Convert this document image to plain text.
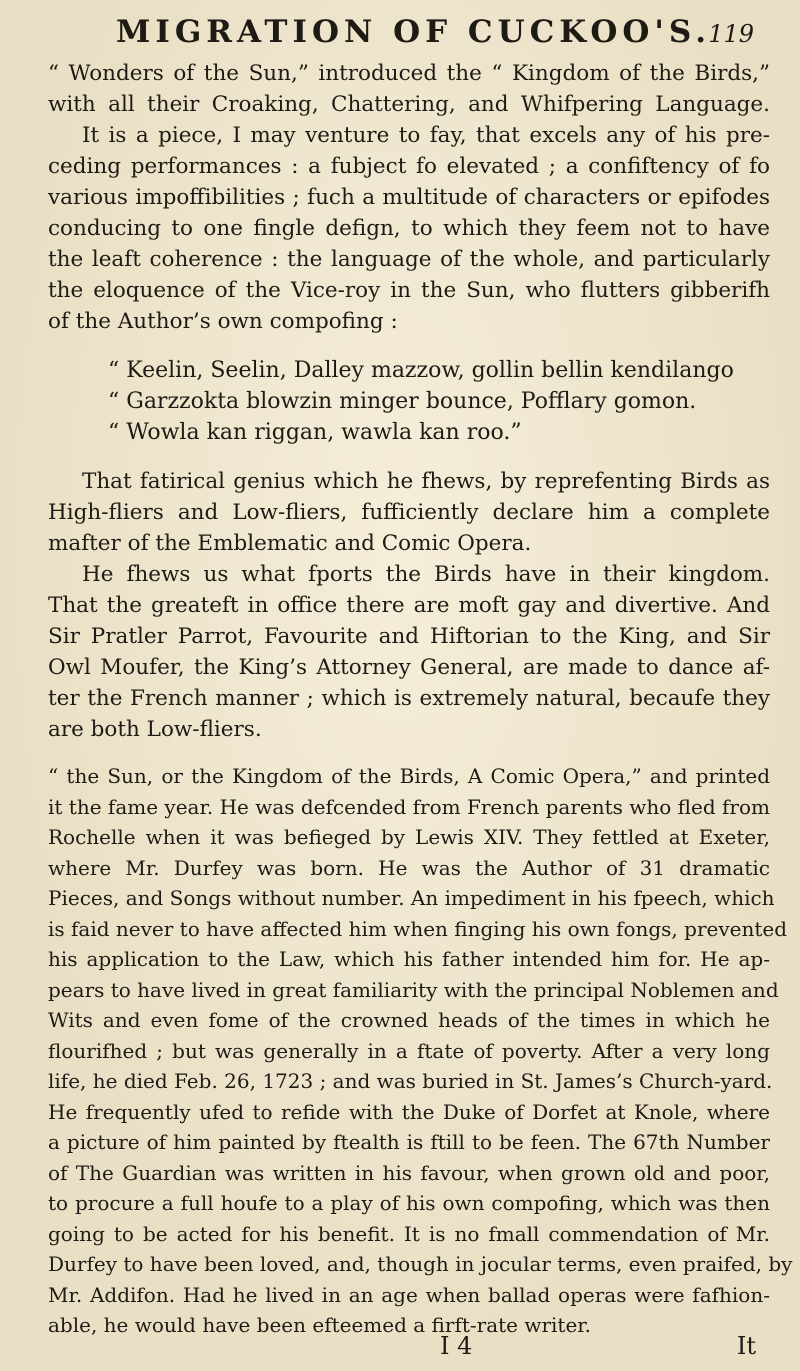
MIGRATION OF CUCKOO'S.
119

“ Wonders of the Sun,” introduced the “ Kingdom of the Birds,”
with all their Croaking, Chattering, and Whifpering Language.
It is a piece, I may venture to fay, that excels any of his pre-
ceding performances : a fubject fo elevated ; a confiftency of fo
various impoffibilities ; fuch a multitude of characters or epifodes
conducing to one fingle defign, to which they feem not to have
the leaft coherence : the language of the whole, and particularly
the eloquence of the Vice-roy in the Sun, who flutters gibberifh
of the Author’s own compofing :

“ Keelin, Seelin, Dalley mazzow, gollin bellin kendilango
“ Garzzokta blowzin minger bounce, Pofflary gomon.
“ Wowla kan riggan, wawla kan roo.”

That fatirical genius which he fhews, by reprefenting Birds as
High-fliers and Low-fliers, fufficiently declare him a complete
mafter of the Emblematic and Comic Opera.

He fhews us what fports the Birds have in their kingdom.
That the greateft in office there are moft gay and divertive. And
Sir Pratler Parrot, Favourite and Hiftorian to the King, and Sir
Owl Moufer, the King’s Attorney General, are made to dance af-
ter the French manner ; which is extremely natural, becaufe they
are both Low-fliers.

“ the Sun, or the Kingdom of the Birds, A Comic Opera,” and printed
it the fame year. He was defcended from French parents who fled from
Rochelle when it was befieged by Lewis XIV. They fettled at Exeter,
where Mr. Durfey was born. He was the Author of 31 dramatic
Pieces, and Songs without number. An impediment in his fpeech, which
is faid never to have affected him when finging his own fongs, prevented
his application to the Law, which his father intended him for. He ap-
pears to have lived in great familiarity with the principal Noblemen and
Wits and even fome of the crowned heads of the times in which he
flourifhed ; but was generally in a ftate of poverty. After a very long
life, he died Feb. 26, 1723 ; and was buried in St. James’s Church-yard.
He frequently ufed to refide with the Duke of Dorfet at Knole, where
a picture of him painted by ftealth is ftill to be feen. The 67th Number
of The Guardian was written in his favour, when grown old and poor,
to procure a full houfe to a play of his own compofing, which was then
going to be acted for his benefit. It is no fmall commendation of Mr.
Durfey to have been loved, and, though in jocular terms, even praifed, by
Mr. Addifon. Had he lived in an age when ballad operas were fafhion-
able, he would have been efteemed a firft-rate writer.

I 4	It
